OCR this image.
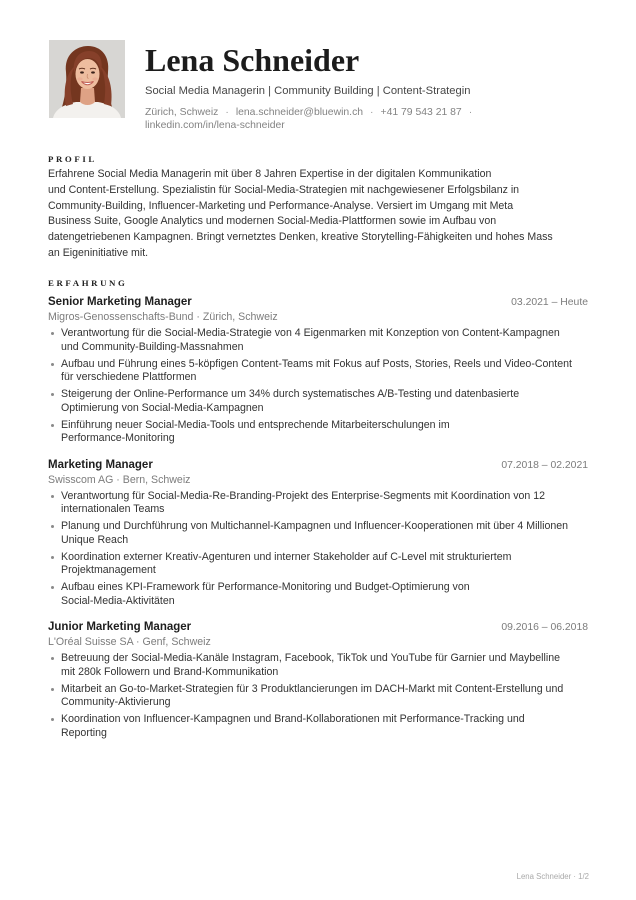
Lena Schneider

Social Media Managerin | Community Building | Content-Strategin

Zürich, Schweiz · lena.schneider@bluewin.ch · +41 79 543 21 87 · linkedin.com/in/lena-schneider
PROFIL

Erfahrene Social Media Managerin mit über 8 Jahren Expertise in der digitalen Kommunikation
und Content-Erstellung. Spezialistin für Social-Media-Strategien mit nachgewiesener Erfolgsbilanz in
Community-Building, Influencer-Marketing und Performance-Analyse. Versiert im Umgang mit Meta
Business Suite, Google Analytics und modernen Social-Media-Plattformen sowie im Aufbau von
datengetriebenen Kampagnen. Bringt vernetztes Denken, kreative Storytelling-Fähigkeiten und hohes Mass
an Eigeninitiative mit.

ERFAHRUNG
Senior Marketing Manager	03.2021 – Heute
Migros-Genossenschafts-Bund · Zürich, Schweiz
Verantwortung für die Social-Media-Strategie von 4 Eigenmarken mit Konzeption von Content-Kampagnen
und Community-Building-Massnahmen
Aufbau und Führung eines 5-köpfigen Content-Teams mit Fokus auf Posts, Stories, Reels und Video-Content
für verschiedene Plattformen
Steigerung der Online-Performance um 34% durch systematisches A/B-Testing und datenbasierte
Optimierung von Social-Media-Kampagnen
Einführung neuer Social-Media-Tools und entsprechende Mitarbeiterschulungen im
Performance-Monitoring
Marketing Manager	07.2018 – 02.2021
Swisscom AG · Bern, Schweiz
Verantwortung für Social-Media-Re-Branding-Projekt des Enterprise-Segments mit Koordination von 12
internationalen Teams
Planung und Durchführung von Multichannel-Kampagnen und Influencer-Kooperationen mit über 4 Millionen
Unique Reach
Koordination externer Kreativ-Agenturen und interner Stakeholder auf C-Level mit strukturiertem
Projektmanagement
Aufbau eines KPI-Framework für Performance-Monitoring und Budget-Optimierung von
Social-Media-Aktivitäten
Junior Marketing Manager	09.2016 – 06.2018
L'Oréal Suisse SA · Genf, Schweiz
Betreuung der Social-Media-Kanäle Instagram, Facebook, TikTok und YouTube für Garnier und Maybelline
mit 280k Followern und Brand-Kommunikation
Mitarbeit an Go-to-Market-Strategien für 3 Produktlancierungen im DACH-Markt mit Content-Erstellung und
Community-Aktivierung
Koordination von Influencer-Kampagnen und Brand-Kollaborationen mit Performance-Tracking und
Reporting
Lena Schneider · 1/2
